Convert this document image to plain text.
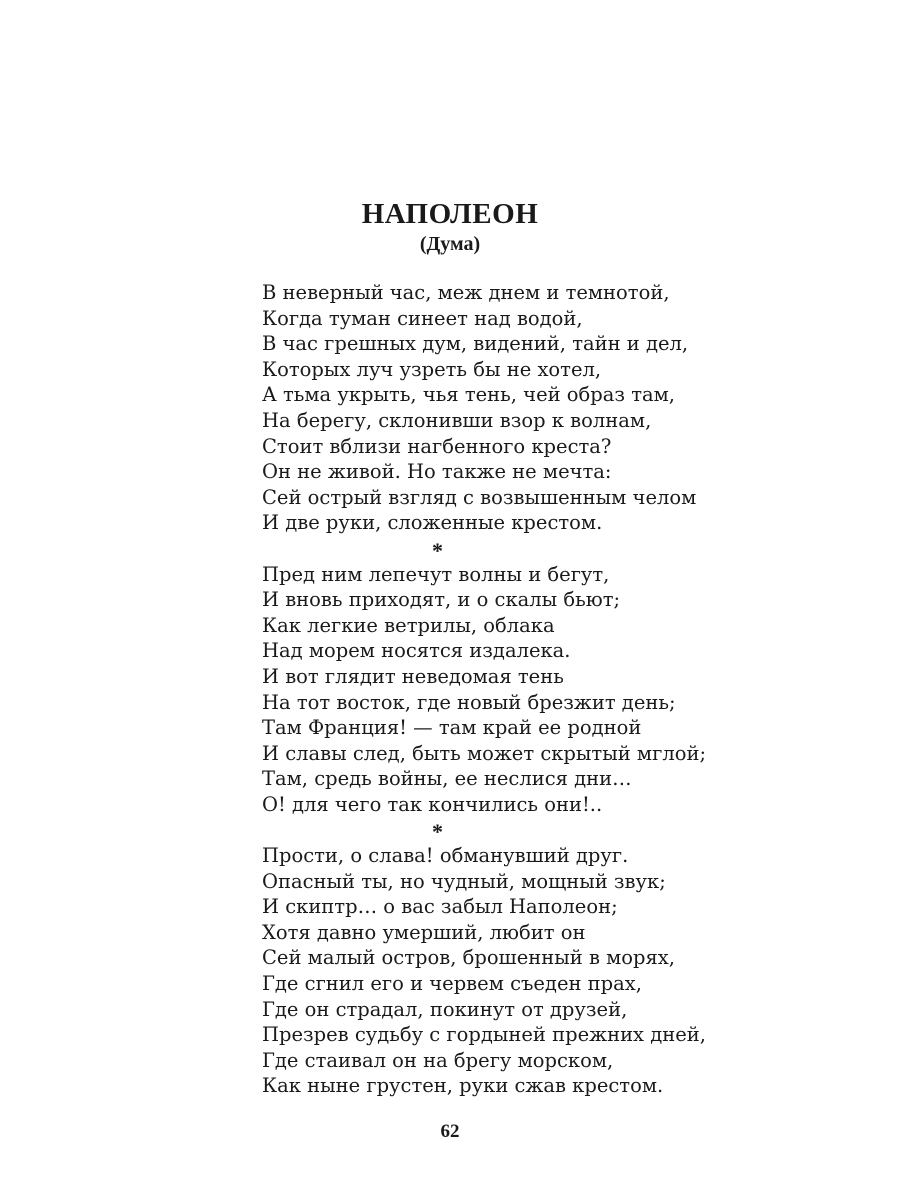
НАПОЛЕОН
(Дума)
В неверный час, меж днем и темнотой,
Когда туман синеет над водой,
В час грешных дум, видений, тайн и дел,
Которых луч узреть бы не хотел,
А тьма укрыть, чья тень, чей образ там,
На берегу, склонивши взор к волнам,
Стоит вблизи нагбенного креста?
Он не живой. Но также не мечта:
Сей острый взгляд с возвышенным челом
И две руки, сложенные крестом.
*
Пред ним лепечут волны и бегут,
И вновь приходят, и о скалы бьют;
Как легкие ветрилы, облака
Над морем носятся издалека.
И вот глядит неведомая тень
На тот восток, где новый брезжит день;
Там Франция! — там край ее родной
И славы след, быть может скрытый мглой;
Там, средь войны, ее неслися дни…
О! для чего так кончились они!..
*
Прости, о слава! обманувший друг.
Опасный ты, но чудный, мощный звук;
И скиптр… о вас забыл Наполеон;
Хотя давно умерший, любит он
Сей малый остров, брошенный в морях,
Где сгнил его и червем съеден прах,
Где он страдал, покинут от друзей,
Презрев судьбу с гордыней прежних дней,
Где стаивал он на брегу морском,
Как ныне грустен, руки сжав крестом.
62
